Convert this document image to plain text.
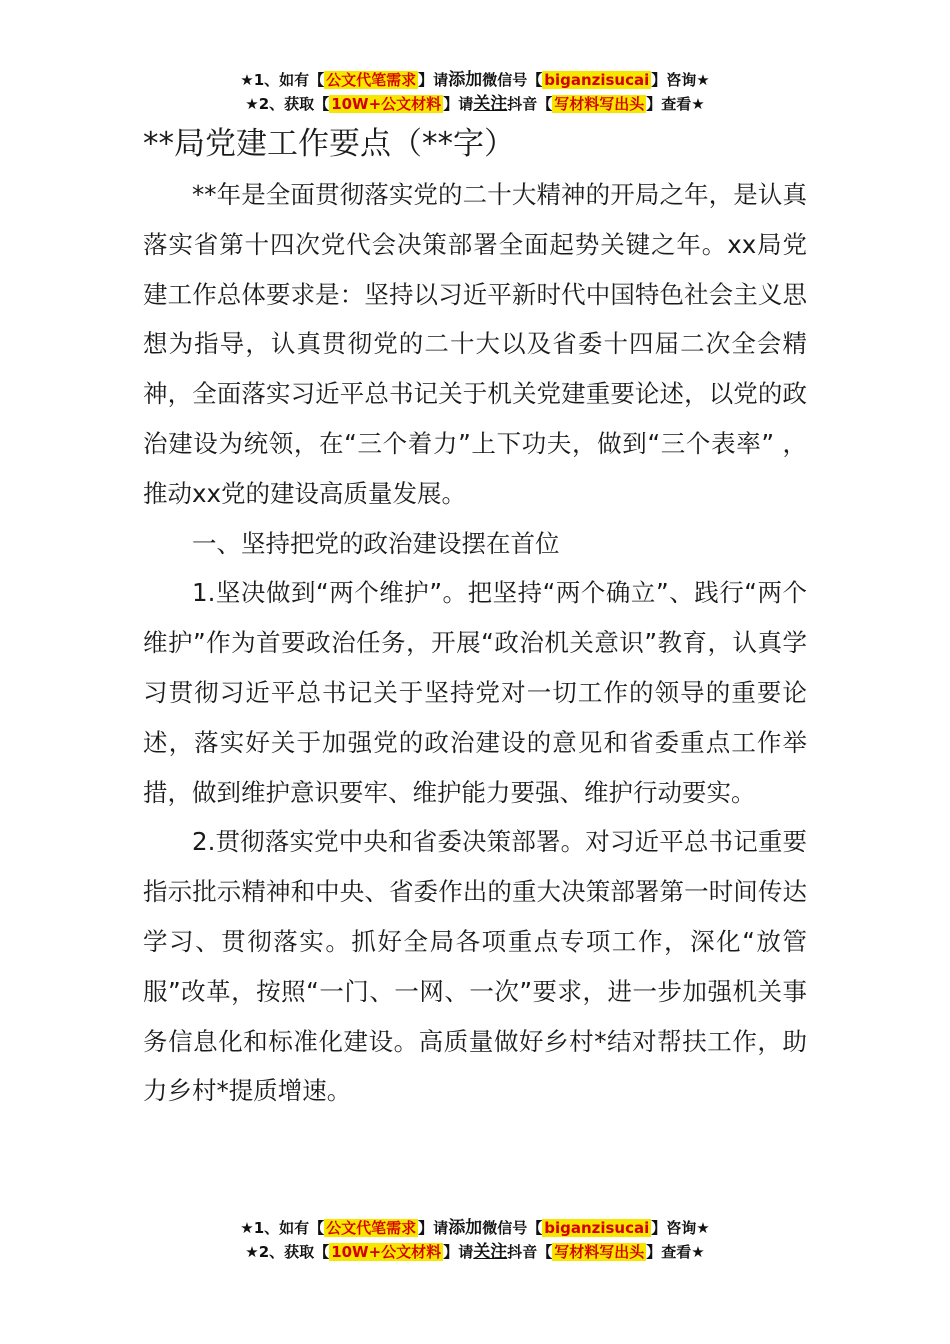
★1、如有【 公文代笔需求 】请添加微信号【 biganzisucai 】咨询★
★2、获取【 10W+公文材料 】请关注抖音【 写材料写出头 】查看★
**局党建工作要点（**字）

**年是全面贯彻落实党的二十大精神的开局之年，是认真落实省第十四次党代会决策部署全面起势关键之年。xx局党建工作总体要求是：坚持以习近平新时代中国特色社会主义思想为指导，认真贯彻党的二十大以及省委十四届二次全会精神，全面落实习近平总书记关于机关党建重要论述，以党的政治建设为统领，在“三个着力”上下功夫，做到“三个表率” ，推动xx党的建设高质量发展。

一、坚持把党的政治建设摆在首位

1.坚决做到“两个维护”。把坚持“两个确立”、践行“两个维护”作为首要政治任务，开展“政治机关意识”教育，认真学习贯彻习近平总书记关于坚持党对一切工作的领导的重要论述，落实好关于加强党的政治建设的意见和省委重点工作举措，做到维护意识要牢、维护能力要强、维护行动要实。

2.贯彻落实党中央和省委决策部署。对习近平总书记重要指示批示精神和中央、省委作出的重大决策部署第一时间传达学习、贯彻落实。抓好全局各项重点专项工作，深化“放管服”改革，按照“一门、一网、一次”要求，进一步加强机关事务信息化和标准化建设。高质量做好乡村*结对帮扶工作，助力乡村*提质增速。

★1、如有【 公文代笔需求 】请添加微信号【 biganzisucai 】咨询★
★2、获取【 10W+公文材料 】请关注抖音【 写材料写出头 】查看★
